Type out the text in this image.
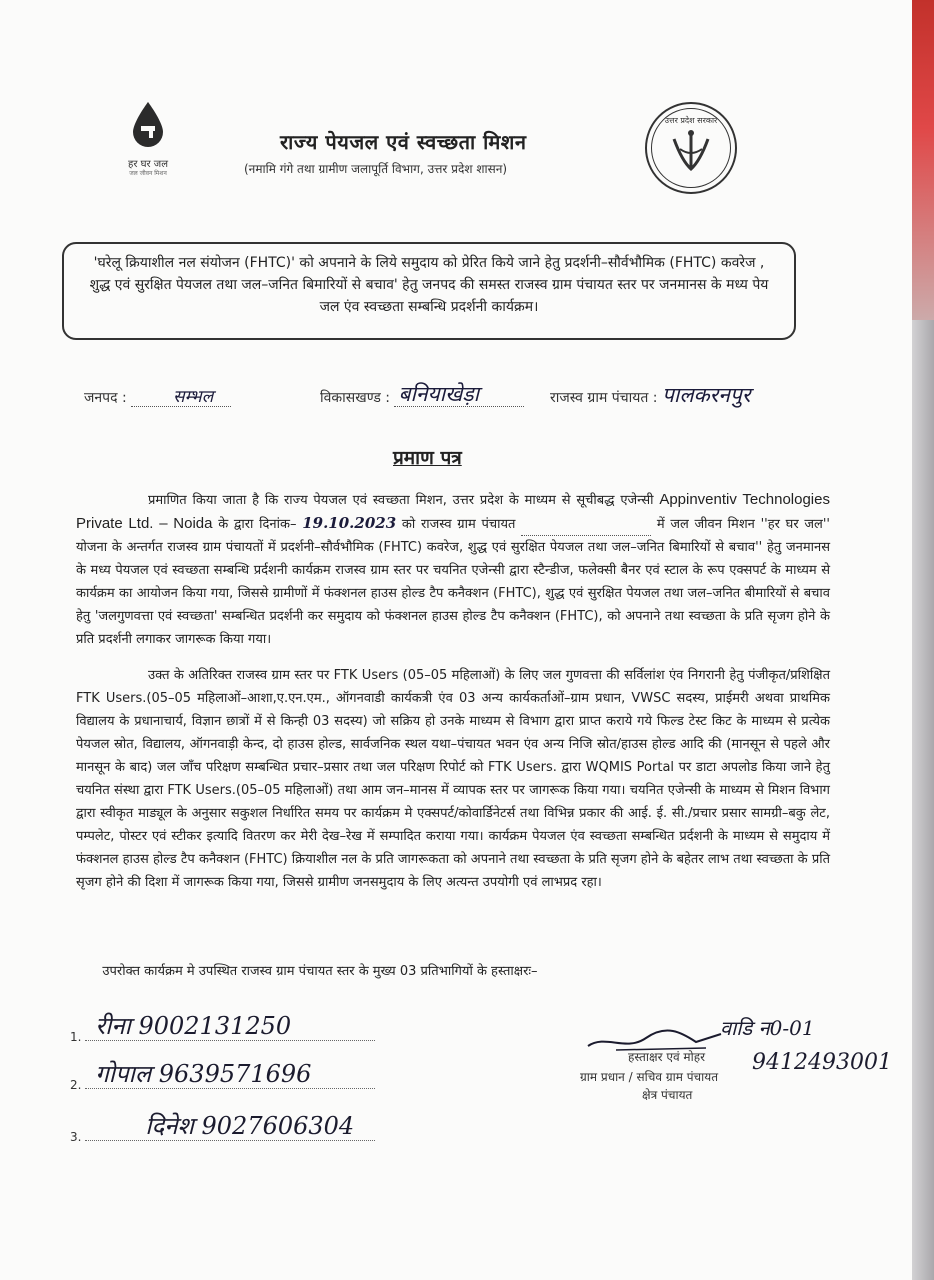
हर घर जल
जल जीवन मिशन
राज्य पेयजल एवं स्वच्छता मिशन
(नमामि गंगे तथा ग्रामीण जलापूर्ति विभाग, उत्तर प्रदेश शासन)
उत्तर प्रदेश सरकार
'घरेलू क्रियाशील नल संयोजन (FHTC)' को अपनाने के लिये समुदाय को प्रेरित किये जाने हेतु प्रदर्शनी–सौर्वभौमिक (FHTC) कवरेज , शुद्ध एवं सुरक्षित पेयजल तथा जल–जनित बिमारियों से बचाव' हेतु जनपद की समस्त राजस्व ग्राम पंचायत स्तर पर जनमानस के मध्य पेय जल एंव स्वच्छता सम्बन्धि प्रदर्शनी कार्यक्रम।
जनपद :	सम्भल	विकासखण्ड : बनियाखेड़ा	राजस्व ग्राम पंचायत : पालकरनपुर
प्रमाण पत्र

प्रमाणित किया जाता है कि राज्य पेयजल एवं स्वच्छता मिशन, उत्तर प्रदेश के माध्यम से सूचीबद्ध एजेन्सी Appinventiv Technologies Private Ltd. – Noida के द्वारा दिनांक– 19.10.2023 को राजस्व ग्राम पंचायत	में जल जीवन मिशन ''हर घर जल'' योजना के अन्तर्गत राजस्व ग्राम पंचायतों में प्रदर्शनी–सौर्वभौमिक (FHTC) कवरेज, शुद्ध एवं सुरक्षित पेयजल तथा जल–जनित बिमारियों से बचाव'' हेतु जनमानस के मध्य पेयजल एवं स्वच्छता सम्बन्धि प्रर्दशनी कार्यक्रम राजस्व ग्राम स्तर पर चयनित एजेन्सी द्वारा स्टैन्डीज, फलेक्सी बैनर एवं स्टाल के रूप एक्सपर्ट के माध्यम से कार्यक्रम का आयोजन किया गया, जिससे ग्रामीणों में फंक्शनल हाउस होल्ड टैप कनैक्शन (FHTC), शुद्ध एवं सुरक्षित पेयजल तथा जल–जनित बीमारियों से बचाव हेतु 'जलगुणवत्ता एवं स्वच्छता' सम्बन्धित प्रदर्शनी कर समुदाय को फंक्शनल हाउस होल्ड टैप कनैक्शन (FHTC), को अपनाने तथा स्वच्छता के प्रति सृजग होने के प्रति प्रदर्शनी लगाकर जागरूक किया गया।

उक्त के अतिरिक्त राजस्व ग्राम स्तर पर FTK Users (05–05 महिलाओं) के लिए जल गुणवत्ता की सर्विलांश एंव निगरानी हेतु पंजीकृत/प्रशिक्षित FTK Users.(05–05 महिलाओं–आशा,ए.एन.एम., ऑगनवाडी कार्यकत्री एंव 03 अन्य कार्यकर्ताओं–ग्राम प्रधान, VWSC सदस्य, प्राईमरी अथवा प्राथमिक विद्यालय के प्रधानाचार्य, विज्ञान छात्रों में से किन्ही 03 सदस्य) जो सक्रिय हो उनके माध्यम से विभाग द्वारा प्राप्त कराये गये फिल्ड टेस्ट किट के माध्यम से प्रत्येक पेयजल स्रोत, विद्यालय, ऑगनवाड़ी केन्द, दो हाउस होल्ड, सार्वजनिक स्थल यथा–पंचायत भवन एंव अन्य निजि स्रोत/हाउस होल्ड आदि की (मानसून से पहले और मानसून के बाद) जल जाँच परिक्षण सम्बन्धित प्रचार–प्रसार तथा जल परिक्षण रिपोर्ट को FTK Users. द्वारा WQMIS Portal पर डाटा अपलोड किया जाने हेतु चयनित संस्था द्वारा FTK Users.(05–05 महिलाओं) तथा आम जन–मानस में व्यापक स्तर पर जागरूक किया गया। चयनित एजेन्सी के माध्यम से मिशन विभाग द्वारा स्वीकृत माड्यूल के अनुसार सकुशल निर्धारित समय पर कार्यक्रम मे एक्सपर्ट/कोवार्डिनेटर्स तथा विभिन्न प्रकार की आई. ई. सी./प्रचार प्रसार सामग्री–बकु लेट, पम्पलेट, पोस्टर एवं स्टीकर इत्यादि वितरण कर मेरी देख–रेख में सम्पादित कराया गया। कार्यक्रम पेयजल एंव स्वच्छता सम्बन्धित प्रर्दशनी के माध्यम से समुदाय में फंक्शनल हाउस होल्ड टैप कनैक्शन (FHTC) क्रियाशील नल के प्रति जागरूकता को अपनाने तथा स्वच्छता के प्रति सृजग होने के बहेतर लाभ तथा स्वच्छता के प्रति सृजग होने की दिशा में जागरूक किया गया, जिससे ग्रामीण जनसमुदाय के लिए अत्यन्त उपयोगी एवं लाभप्रद रहा।

उपरोक्त कार्यक्रम मे उपस्थित राजस्व ग्राम पंचायत स्तर के मुख्य 03 प्रतिभागियों के हस्ताक्षरः–
1. रीना 9002131250
2. गोपाल 9639571696
3.	दिनेश 9027606304
वाडि न0-01
हस्ताक्षर एवं मोहर 9412493001
ग्राम प्रधान / सचिव ग्राम पंचायत
क्षेत्र पंचायत
